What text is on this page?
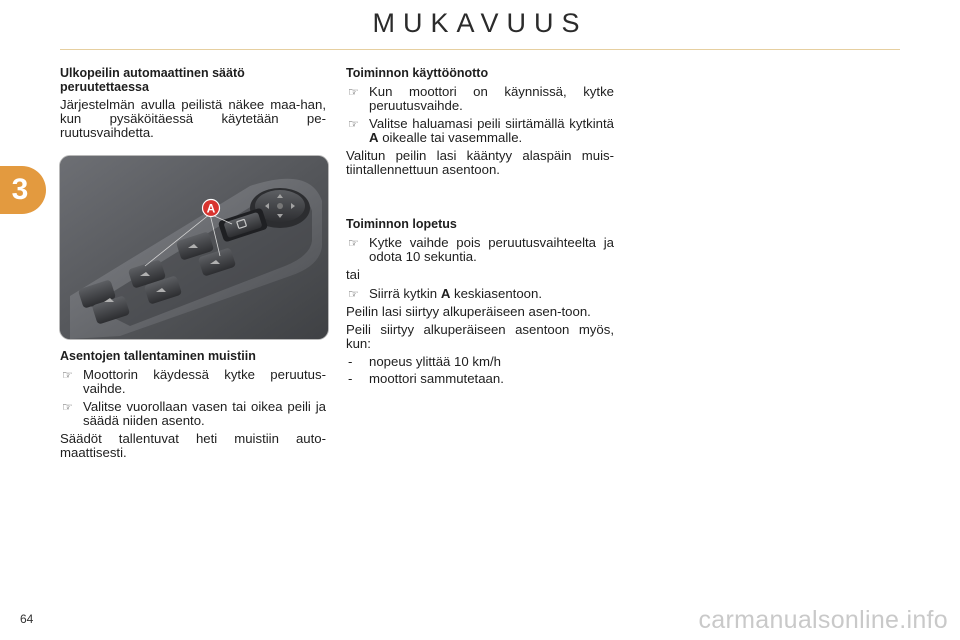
MUKAVUUS
3
Ulkopeilin automaattinen säätö
peruutettaessa

Järjestelmän avulla peilistä näkee maa-han, kun pysäköitäessä käytetään pe-ruutusvaihdetta.

A
Asentojen tallentaminen muistiin
☞ Moottorin käydessä kytke peruutus-vaihde.
☞ Valitse vuorollaan vasen tai oikea peili ja säädä niiden asento.

Säädöt tallentuvat heti muistiin auto-maattisesti.

Toiminnon käyttöönotto
☞ Kun moottori on käynnissä, kytke peruutusvaihde.
☞ Valitse haluamasi peili siirtämällä kytkintä A oikealle tai vasemmalle.

Valitun peilin lasi kääntyy alaspäin muis-tiintallennettuun asentoon.

Toiminnon lopetus
☞ Kytke vaihde pois peruutusvaihteelta ja odota 10 sekuntia.

tai

☞ Siirrä kytkin A keskiasentoon.

Peilin lasi siirtyy alkuperäiseen asen-toon.

Peili siirtyy alkuperäiseen asentoon myös, kun:

- nopeus ylittää 10 km/h
- moottori sammutetaan.
64	carmanualsonline.info
